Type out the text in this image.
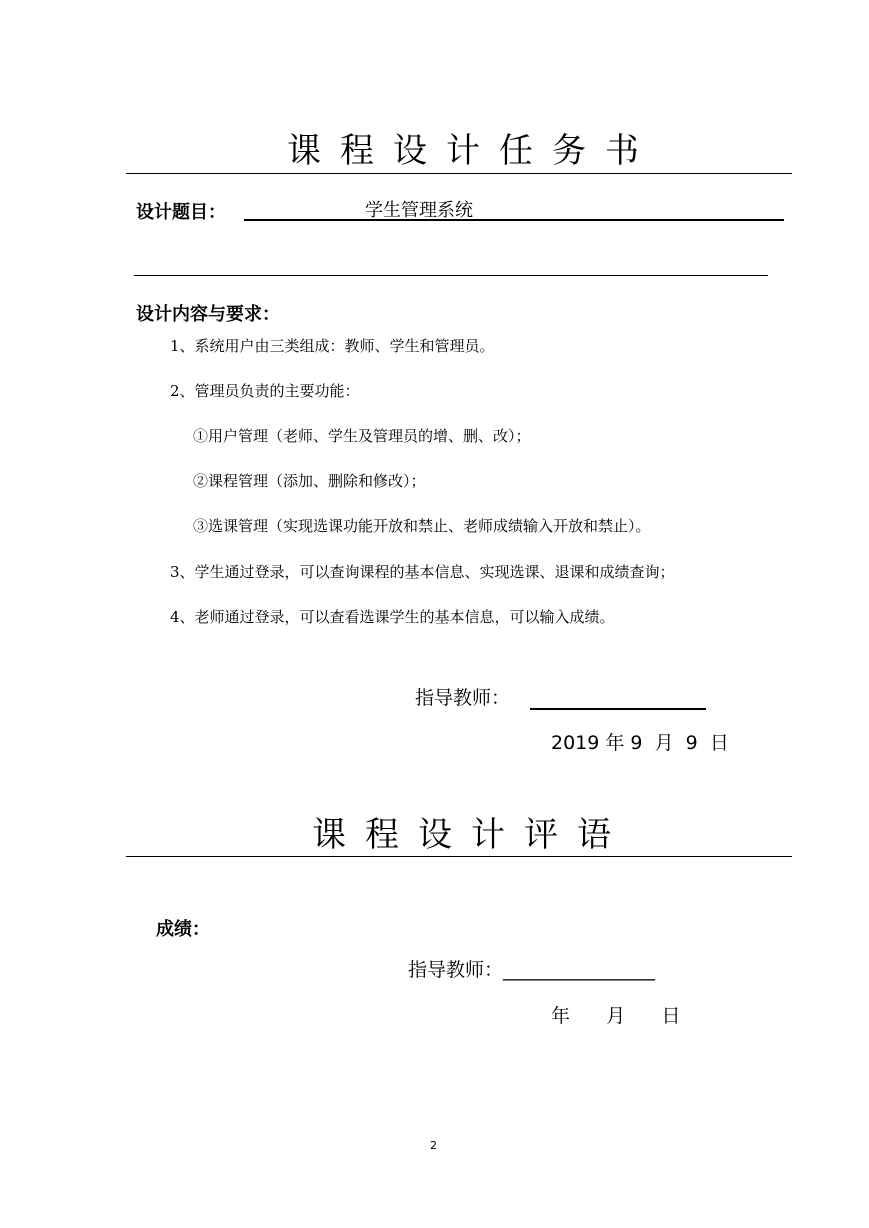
课程设计任务书
设计题目：	学生管理系统
设计内容与要求：
1、系统用户由三类组成：教师、学生和管理员。
2、管理员负责的主要功能：
①用户管理（老师、学生及管理员的增、删、改）；
②课程管理（添加、删除和修改）；
③选课管理（实现选课功能开放和禁止、老师成绩输入开放和禁止）。
3、学生通过登录，可以查询课程的基本信息、实现选课、退课和成绩查询；
4、老师通过登录，可以查看选课学生的基本信息，可以输入成绩。
指导教师：
2019 年 9  月  9  日
课程设计评语
成绩：
指导教师：________________
年      月      日
2
